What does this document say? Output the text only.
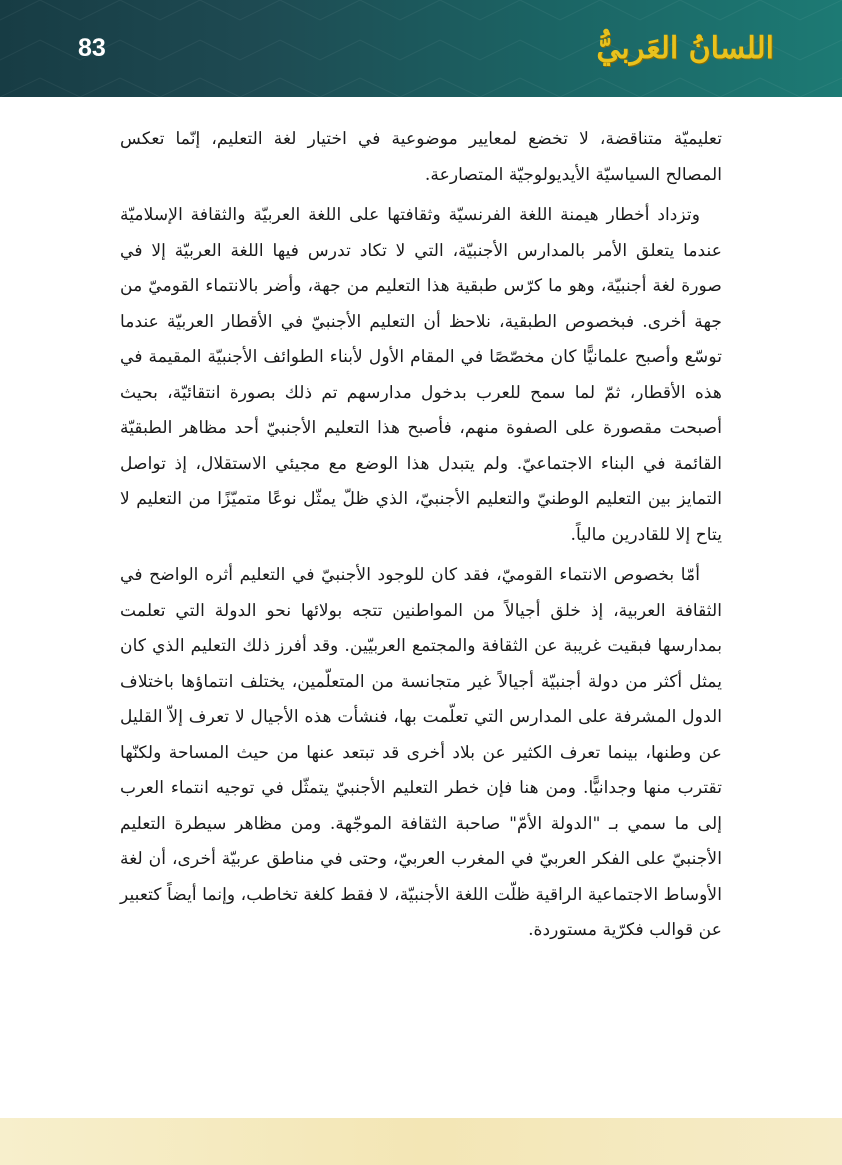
83	اللسانُ العَربيُّ

تعليميّة متناقضة، لا تخضع لمعايير موضوعية في اختيار لغة التعليم، إنّما تعكس المصالح السياسيّة الأيديولوجيّة المتصارعة.

وتزداد أخطار هيمنة اللغة الفرنسيّة وثقافتها على اللغة العربيّة والثقافة الإسلاميّة عندما يتعلق الأمر بالمدارس الأجنبيّة، التي لا تكاد تدرس فيها اللغة العربيّة إلا في صورة لغة أجنبيّة، وهو ما كرّس طبقية هذا التعليم من جهة، وأضر بالانتماء القوميّ من جهة أخرى. فبخصوص الطبقية، نلاحظ أن التعليم الأجنبيّ في الأقطار العربيّة عندما توسّع وأصبح علمانيًّا كان مخصّصًا في المقام الأول لأبناء الطوائف الأجنبيّة المقيمة في هذه الأقطار، ثمّ لما سمح للعرب بدخول مدارسهم تم ذلك بصورة انتقائيّة، بحيث أصبحت مقصورة على الصفوة منهم، فأصبح هذا التعليم الأجنبيّ أحد مظاهر الطبقيّة القائمة في البناء الاجتماعيّ. ولم يتبدل هذا الوضع مع مجيئي الاستقلال، إذ تواصل التمايز بين التعليم الوطنيّ والتعليم الأجنبيّ، الذي ظلّ يمثّل نوعًا متميّزًا من التعليم لا يتاح إلا للقادرين مالياً.

أمّا بخصوص الانتماء القوميّ، فقد كان للوجود الأجنبيّ في التعليم أثره الواضح في الثقافة العربية، إذ خلق أجيالاً من المواطنين تتجه بولائها نحو الدولة التي تعلمت بمدارسها فبقيت غريبة عن الثقافة والمجتمع العربيّين. وقد أفرز ذلك التعليم الذي كان يمثل أكثر من دولة أجنبيّة أجيالاً غير متجانسة من المتعلّمين، يختلف انتماؤها باختلاف الدول المشرفة على المدارس التي تعلّمت بها، فنشأت هذه الأجيال لا تعرف إلاّ القليل عن وطنها، بينما تعرف الكثير عن بلاد أخرى قد تبتعد عنها من حيث المساحة ولكنّها تقترب منها وجدانيًّا. ومن هنا فإن خطر التعليم الأجنبيّ يتمثّل في توجيه انتماء العرب إلى ما سمي بـ "الدولة الأمّ" صاحبة الثقافة الموجّهة. ومن مظاهر سيطرة التعليم الأجنبيّ على الفكر العربيّ في المغرب العربيّ، وحتى في مناطق عربيّة أخرى، أن لغة الأوساط الاجتماعية الراقية ظلّت اللغة الأجنبيّة، لا فقط كلغة تخاطب، وإنما أيضاً كتعبير عن قوالب فكرّية مستوردة.
